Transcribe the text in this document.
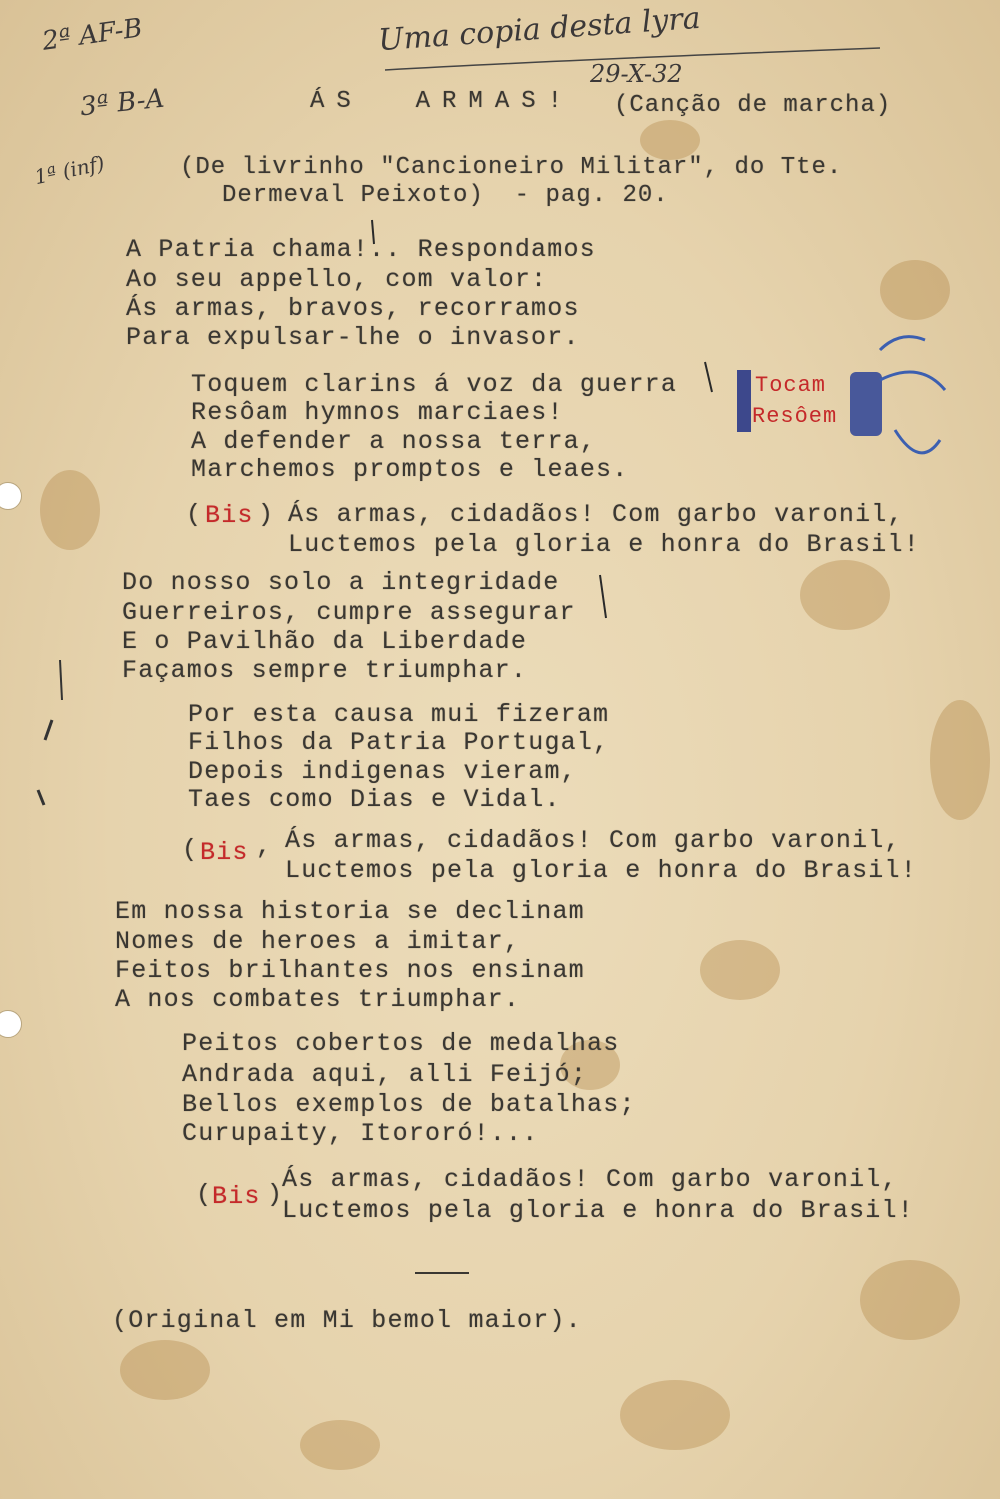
2ª AF-B

3ª B-A

1ª (inf)

Uma copia desta lyra

29-X-32

ÁS  ARMAS! (Canção de marcha)

(De livrinho "Cancioneiro Militar", do Tte.

Dermeval Peixoto)  - pag. 20.

A Patria chama!.. Respondamos

Ao seu appello, com valor:

Ás armas, bravos, recorramos

Para expulsar-lhe o invasor.

Toquem clarins á voz da guerra

Resôam hymnos marciaes!

A defender a nossa terra,

Marchemos promptos e leaes.

Tocam

Resôem

Bis

( ) Ás armas, cidadãos! Com garbo varonil,

Luctemos pela gloria e honra do Brasil!

Do nosso solo a integridade

Guerreiros, cumpre assegurar

E o Pavilhão da Liberdade

Façamos sempre triumphar.

Por esta causa mui fizeram

Filhos da Patria Portugal,

Depois indigenas vieram,

Taes como Dias e Vidal.

( Bis , Ás armas, cidadãos! Com garbo varonil,

Luctemos pela gloria e honra do Brasil!

Em nossa historia se declinam

Nomes de heroes a imitar,

Feitos brilhantes nos ensinam

A nos combates triumphar.

Peitos cobertos de medalhas

Andrada aqui, alli Feijó;

Bellos exemplos de batalhas;

Curupaity, Itororó!...

( Bis )

Ás armas, cidadãos! Com garbo varonil,

Luctemos pela gloria e honra do Brasil!

(Original em Mi bemol maior).
